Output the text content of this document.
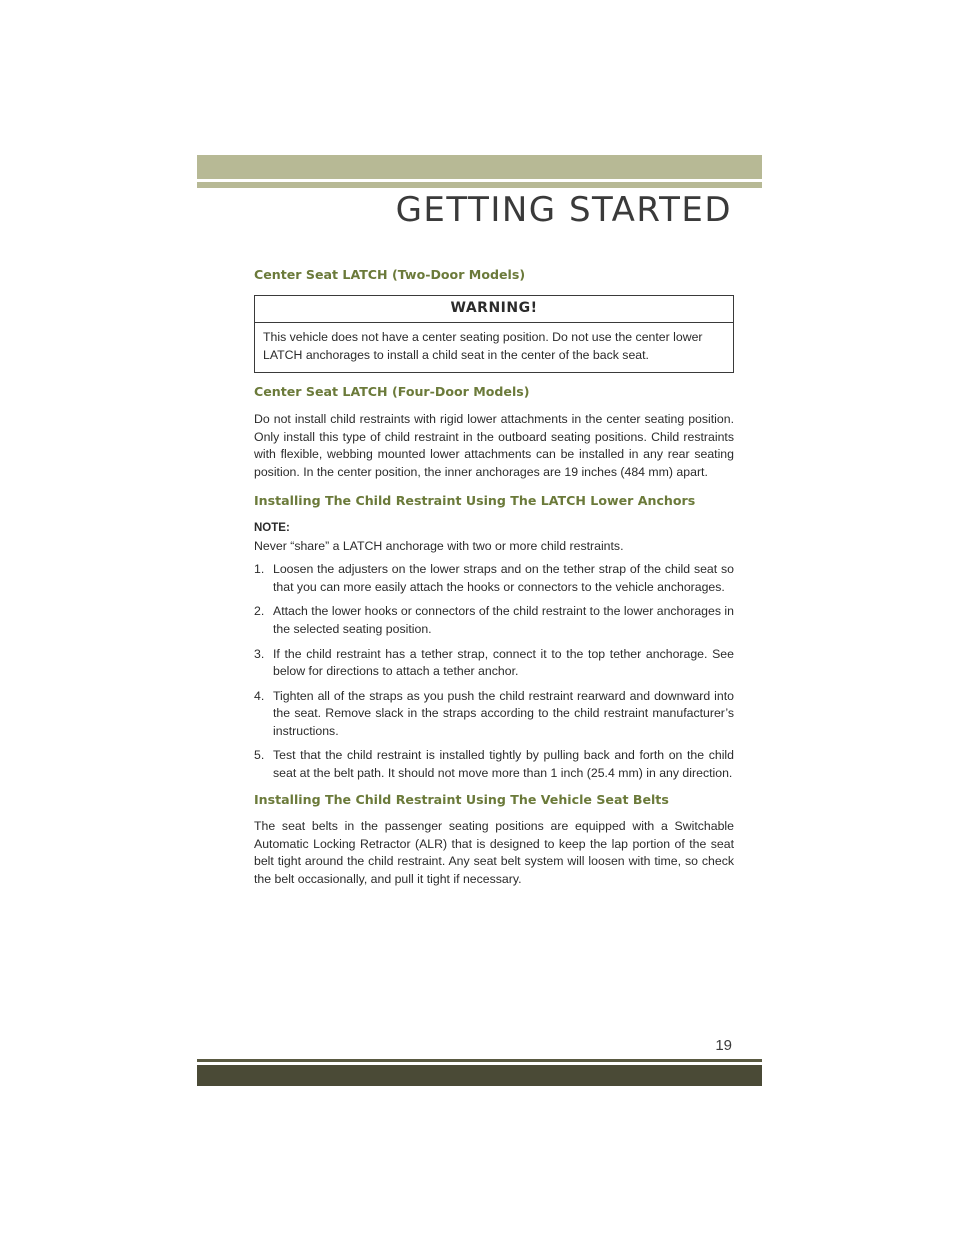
GETTING STARTED
Center Seat LATCH (Two-Door Models)
WARNING!
This vehicle does not have a center seating position. Do not use the center lower LATCH anchorages to install a child seat in the center of the back seat.
Center Seat LATCH (Four-Door Models)

Do not install child restraints with rigid lower attachments in the center seating position. Only install this type of child restraint in the outboard seating positions. Child restraints with flexible, webbing mounted lower attachments can be installed in any rear seating position. In the center position, the inner anchorages are 19 inches (484 mm) apart.

Installing The Child Restraint Using The LATCH Lower Anchors
NOTE:

Never “share” a LATCH anchorage with two or more child restraints.

1. Loosen the adjusters on the lower straps and on the tether strap of the child seat so that you can more easily attach the hooks or connectors to the vehicle anchorages.
2. Attach the lower hooks or connectors of the child restraint to the lower anchorages in the selected seating position.
3. If the child restraint has a tether strap, connect it to the top tether anchorage. See below for directions to attach a tether anchor.
4. Tighten all of the straps as you push the child restraint rearward and downward into the seat. Remove slack in the straps according to the child restraint manufacturer’s instructions.
5. Test that the child restraint is installed tightly by pulling back and forth on the child seat at the belt path. It should not move more than 1 inch (25.4 mm) in any direction.
Installing The Child Restraint Using The Vehicle Seat Belts

The seat belts in the passenger seating positions are equipped with a Switchable Automatic Locking Retractor (ALR) that is designed to keep the lap portion of the seat belt tight around the child restraint. Any seat belt system will loosen with time, so check the belt occasionally, and pull it tight if necessary.

19
